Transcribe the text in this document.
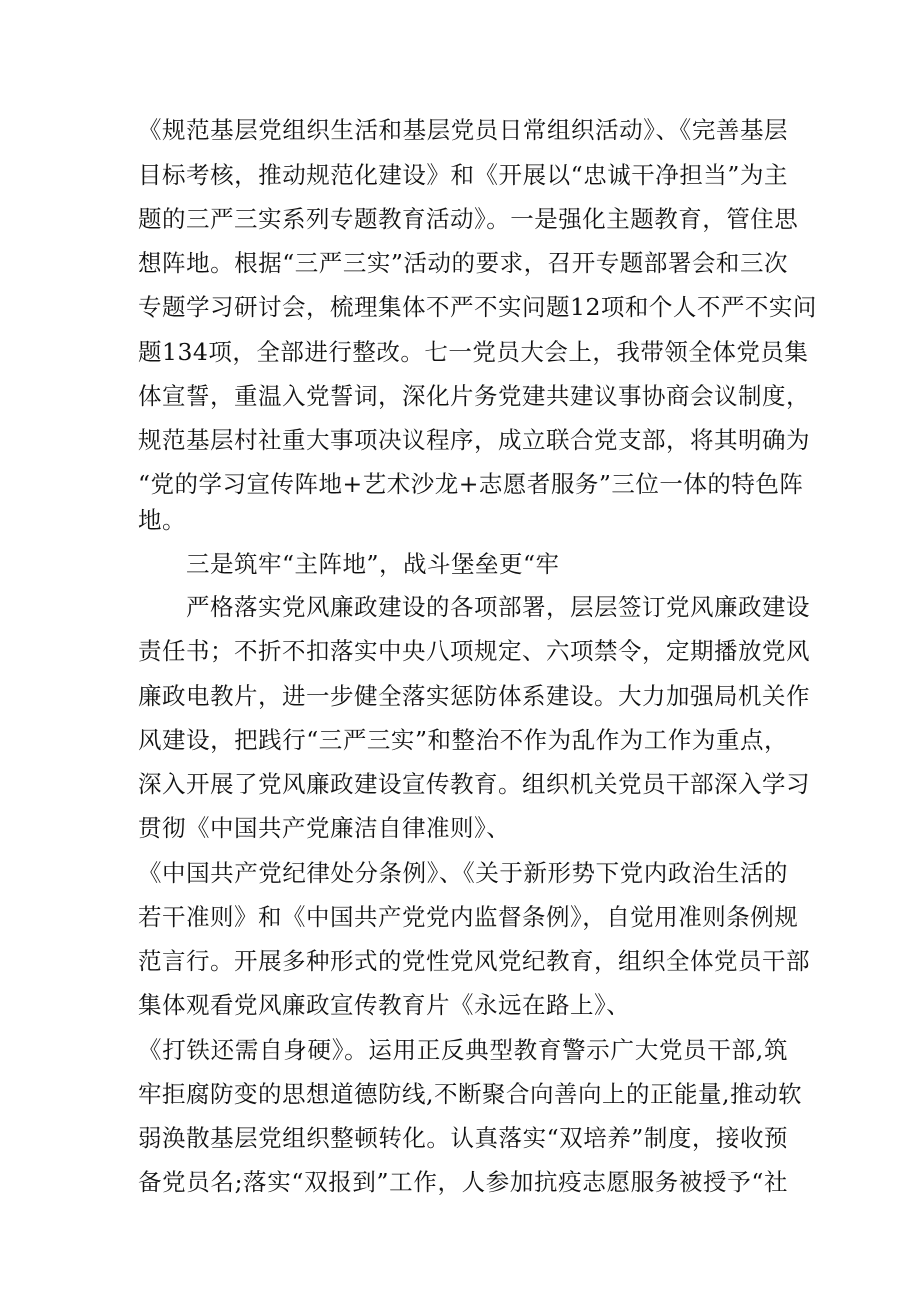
《规范基层党组织生活和基层党员日常组织活动》、《完善基层
目标考核，推动规范化建设》和《开展以“忠诚干净担当”为主
题的三严三实系列专题教育活动》。一是强化主题教育，管住思
想阵地。根据“三严三实”活动的要求，召开专题部署会和三次
专题学习研讨会，梳理集体不严不实问题12项和个人不严不实问
题134项，全部进行整改。七一党员大会上，我带领全体党员集
体宣誓，重温入党誓词，深化片务党建共建议事协商会议制度，
规范基层村社重大事项决议程序，成立联合党支部，将其明确为
“党的学习宣传阵地+艺术沙龙+志愿者服务”三位一体的特色阵
地。
三是筑牢“主阵地”，战斗堡垒更“牢
严格落实党风廉政建设的各项部署，层层签订党风廉政建设
责任书；不折不扣落实中央八项规定、六项禁令，定期播放党风
廉政电教片，进一步健全落实惩防体系建设。大力加强局机关作
风建设，把践行“三严三实”和整治不作为乱作为工作为重点，
深入开展了党风廉政建设宣传教育。组织机关党员干部深入学习
贯彻《中国共产党廉洁自律准则》、
《中国共产党纪律处分条例》、《关于新形势下党内政治生活的
若干准则》和《中国共产党党内监督条例》，自觉用准则条例规
范言行。开展多种形式的党性党风党纪教育，组织全体党员干部
集体观看党风廉政宣传教育片《永远在路上》、
《打铁还需自身硬》。运用正反典型教育警示广大党员干部,筑
牢拒腐防变的思想道德防线,不断聚合向善向上的正能量,推动软
弱涣散基层党组织整顿转化。认真落实“双培养”制度，接收预
备党员名;落实“双报到”工作，人参加抗疫志愿服务被授予“社
